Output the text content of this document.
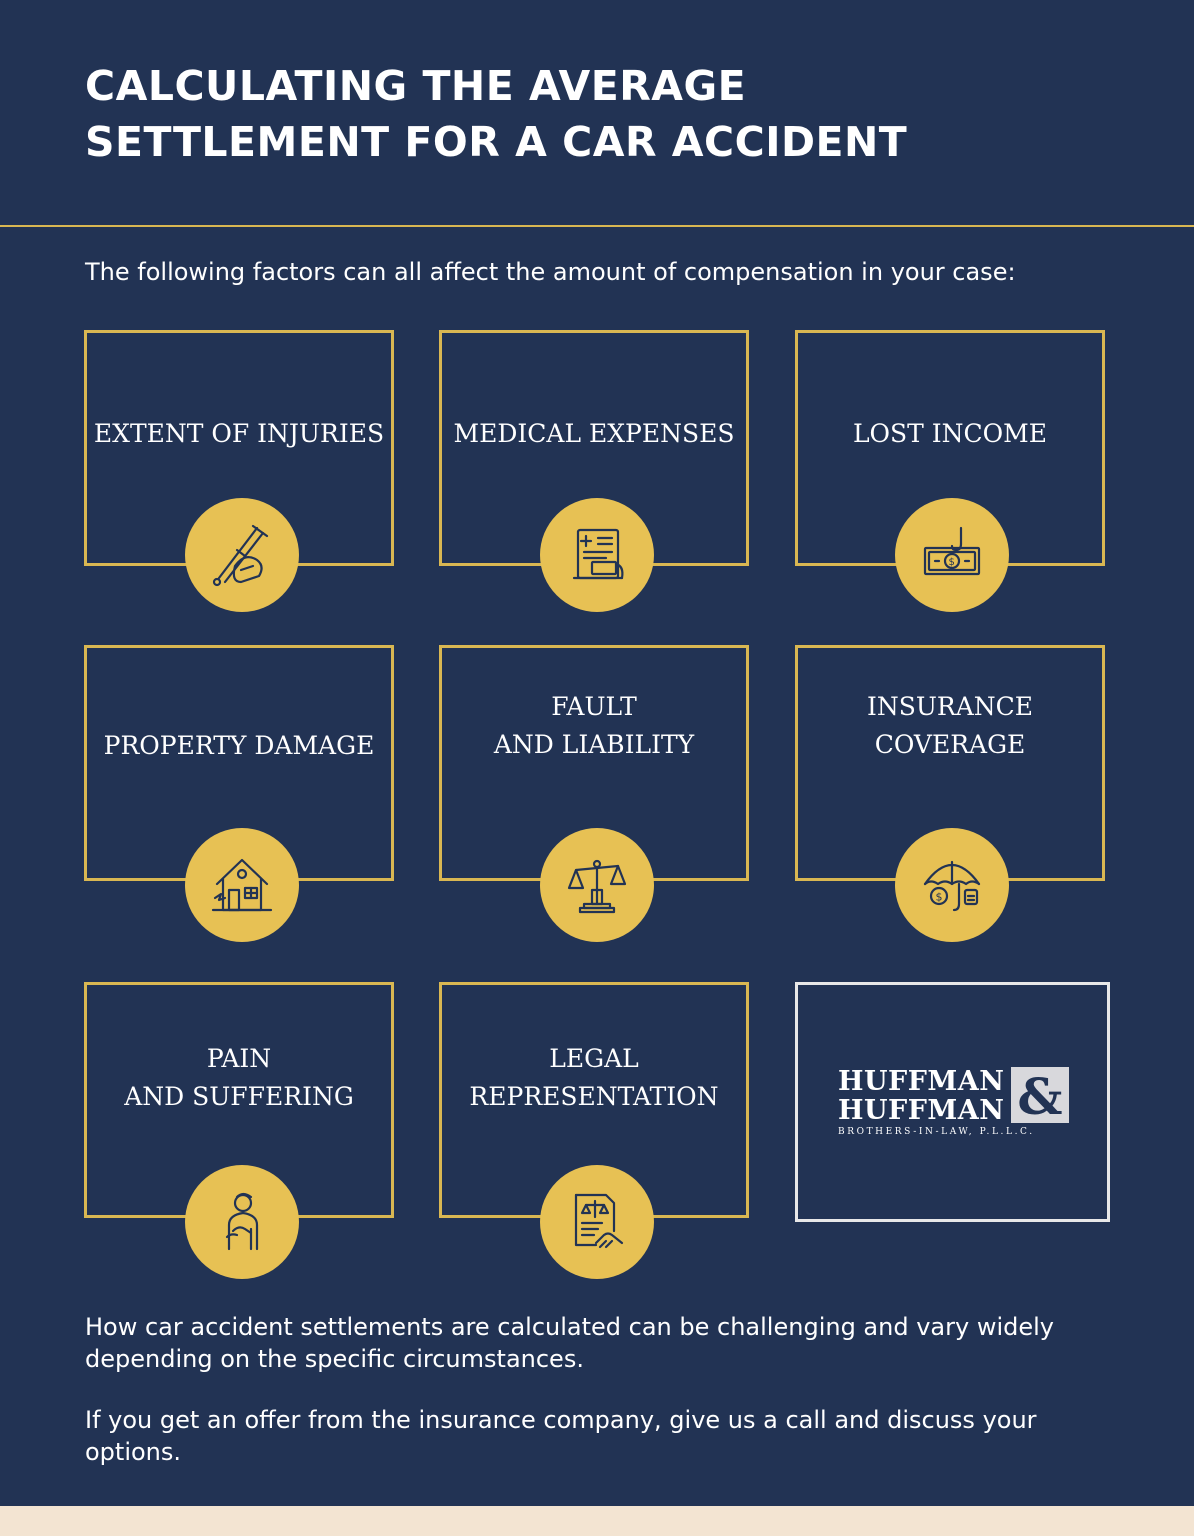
CALCULATING THE AVERAGE
SETTLEMENT FOR A CAR ACCIDENT

The following factors can all affect the amount of compensation in your case:

EXTENT OF INJURIES	MEDICAL EXPENSES	LOST INCOME
$
PROPERTY DAMAGE
FAULT
AND LIABILITY
INSURANCE
COVERAGE
$
PAIN
AND SUFFERING
LEGAL
REPRESENTATION	HUFFMAN
HUFFMAN &
BROTHERS-IN-LAW, P.L.L.C.

How car accident settlements are calculated can be challenging and vary widely depending on the specific circumstances.

If you get an offer from the insurance company, give us a call and discuss your options.
